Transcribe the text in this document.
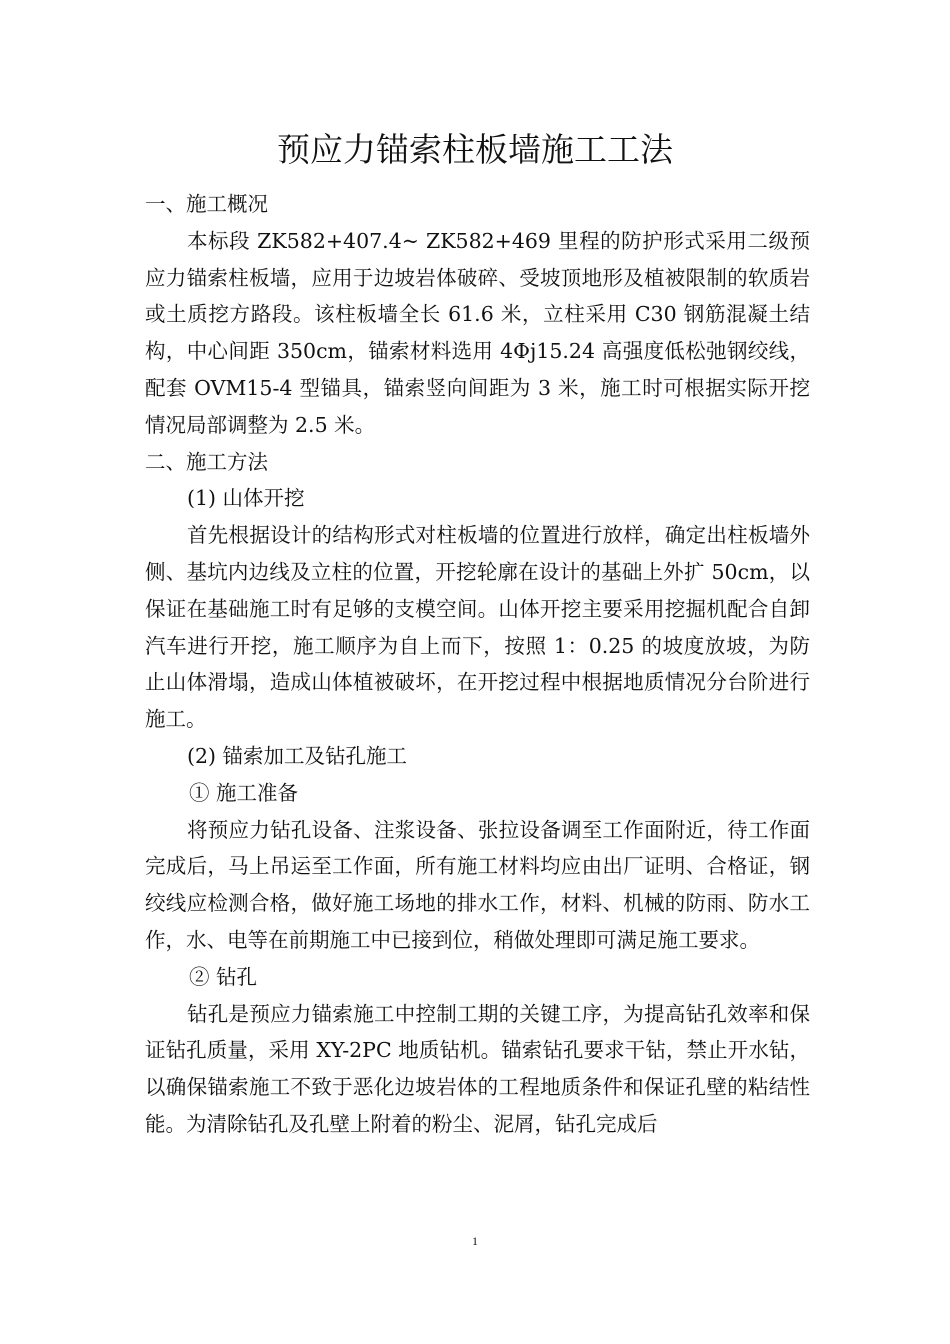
预应力锚索柱板墙施工工法

一、施工概况

本标段 ZK582+407.4~ ZK582+469 里程的防护形式采用二级预应力锚索柱板墙，应用于边坡岩体破碎、受坡顶地形及植被限制的软质岩或土质挖方路段。该柱板墙全长 61.6 米，立柱采用 C30 钢筋混凝土结构，中心间距 350cm，锚索材料选用 4Φj15.24 高强度低松弛钢绞线，配套 OVM15-4 型锚具，锚索竖向间距为 3 米，施工时可根据实际开挖情况局部调整为 2.5 米。

二、施工方法

(1) 山体开挖

首先根据设计的结构形式对柱板墙的位置进行放样，确定出柱板墙外侧、基坑内边线及立柱的位置，开挖轮廓在设计的基础上外扩 50cm，以保证在基础施工时有足够的支模空间。山体开挖主要采用挖掘机配合自卸汽车进行开挖，施工顺序为自上而下，按照 1：0.25 的坡度放坡，为防止山体滑塌，造成山体植被破坏，在开挖过程中根据地质情况分台阶进行施工。

(2) 锚索加工及钻孔施工

① 施工准备

将预应力钻孔设备、注浆设备、张拉设备调至工作面附近，待工作面完成后，马上吊运至工作面，所有施工材料均应由出厂证明、合格证，钢绞线应检测合格，做好施工场地的排水工作，材料、机械的防雨、防水工作，水、电等在前期施工中已接到位，稍做处理即可满足施工要求。

② 钻孔

钻孔是预应力锚索施工中控制工期的关键工序，为提高钻孔效率和保证钻孔质量，采用 XY-2PC 地质钻机。锚索钻孔要求干钻，禁止开水钻，以确保锚索施工不致于恶化边坡岩体的工程地质条件和保证孔壁的粘结性能。为清除钻孔及孔壁上附着的粉尘、泥屑，钻孔完成后

1
